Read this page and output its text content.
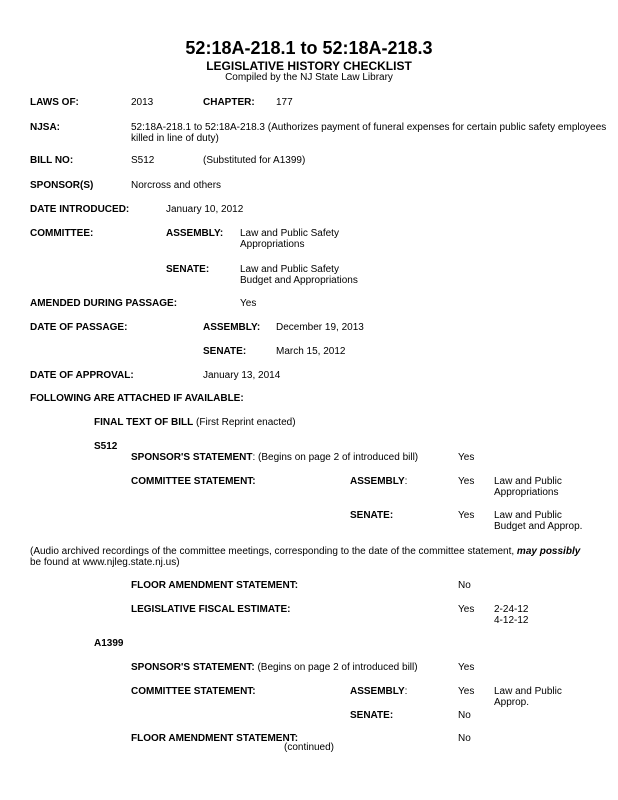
52:18A-218.1 to 52:18A-218.3
LEGISLATIVE HISTORY CHECKLIST
Compiled by the NJ State Law Library
LAWS OF:	2013	CHAPTER: 177
NJSA:	52:18A-218.1 to 52:18A-218.3 (Authorizes payment of funeral expenses for certain public safety employees
killed in line of duty)
BILL NO:	S512	(Substituted for A1399)
SPONSOR(S)	Norcross and others
DATE INTRODUCED:	January 10, 2012
COMMITTEE:	ASSEMBLY: Law and Public Safety
Appropriations
SENATE:	Law and Public Safety
Budget and Appropriations
AMENDED DURING PASSAGE:	Yes
DATE OF PASSAGE:	ASSEMBLY: December 19, 2013
SENATE:	March 15, 2012
DATE OF APPROVAL:	January 13, 2014
FOLLOWING ARE ATTACHED IF AVAILABLE:
FINAL TEXT OF BILL (First Reprint enacted)
S512
SPONSOR'S STATEMENT: (Begins on page 2 of introduced bill)	Yes
COMMITTEE STATEMENT:	ASSEMBLY:	Yes Law and Public
Appropriations
SENATE:	Yes Law and Public
Budget and Approp.
(Audio archived recordings of the committee meetings, corresponding to the date of the committee statement, may possibly
be found at www.njleg.state.nj.us)
FLOOR AMENDMENT STATEMENT:	No
LEGISLATIVE FISCAL ESTIMATE:	Yes 2-24-12
4-12-12
A1399
SPONSOR'S STATEMENT: (Begins on page 2 of introduced bill)	Yes
COMMITTEE STATEMENT:	ASSEMBLY:	Yes Law and Public
Approp.
SENATE:	No
FLOOR AMENDMENT STATEMENT:	No
(continued)
